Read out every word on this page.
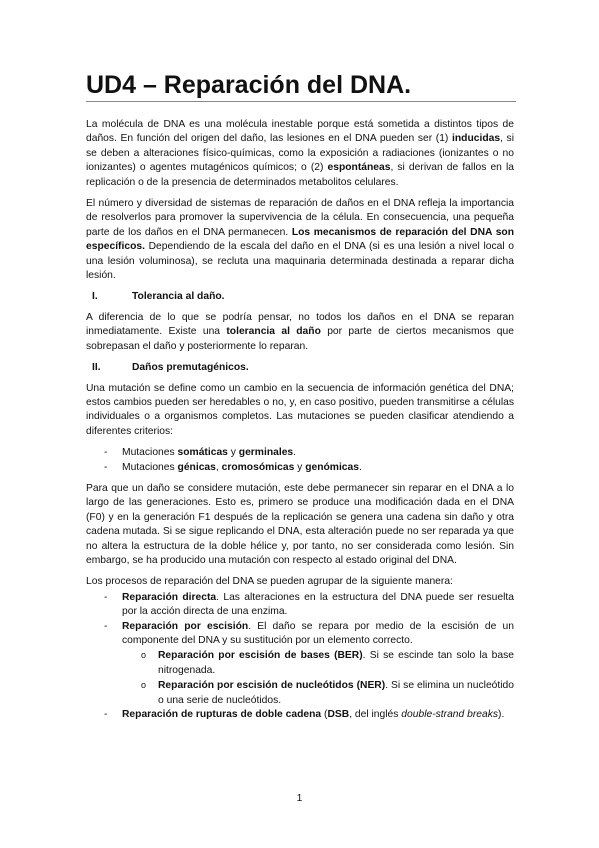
UD4 – Reparación del DNA.

La molécula de DNA es una molécula inestable porque está sometida a distintos tipos de daños. En función del origen del daño, las lesiones en el DNA pueden ser (1) inducidas, si se deben a alteraciones físico-químicas, como la exposición a radiaciones (ionizantes o no ionizantes) o agentes mutagénicos químicos; o (2) espontáneas, si derivan de fallos en la replicación o de la presencia de determinados metabolitos celulares.

El número y diversidad de sistemas de reparación de daños en el DNA refleja la importancia de resolverlos para promover la supervivencia de la célula. En consecuencia, una pequeña parte de los daños en el DNA permanecen. Los mecanismos de reparación del DNA son específicos. Dependiendo de la escala del daño en el DNA (si es una lesión a nivel local o una lesión voluminosa), se recluta una maquinaria determinada destinada a reparar dicha lesión.

I.	Tolerancia al daño.

A diferencia de lo que se podría pensar, no todos los daños en el DNA se reparan inmediatamente. Existe una tolerancia al daño por parte de ciertos mecanismos que sobrepasan el daño y posteriormente lo reparan.

II.	Daños premutagénicos.

Una mutación se define como un cambio en la secuencia de información genética del DNA; estos cambios pueden ser heredables o no, y, en caso positivo, pueden transmitirse a células individuales o a organismos completos. Las mutaciones se pueden clasificar atendiendo a diferentes criterios:

- Mutaciones somáticas y germinales.
- Mutaciones génicas, cromosómicas y genómicas.

Para que un daño se considere mutación, este debe permanecer sin reparar en el DNA a lo largo de las generaciones. Esto es, primero se produce una modificación dada en el DNA (F0) y en la generación F1 después de la replicación se genera una cadena sin daño y otra cadena mutada. Si se sigue replicando el DNA, esta alteración puede no ser reparada ya que no altera la estructura de la doble hélice y, por tanto, no ser considerada como lesión. Sin embargo, se ha producido una mutación con respecto al estado original del DNA.

Los procesos de reparación del DNA se pueden agrupar de la siguiente manera:

- Reparación directa. Las alteraciones en la estructura del DNA puede ser resuelta por la acción directa de una enzima.
- Reparación por escisión. El daño se repara por medio de la escisión de un componente del DNA y su sustitución por un elemento correcto.
o Reparación por escisión de bases (BER). Si se escinde tan solo la base nitrogenada.
o Reparación por escisión de nucleótidos (NER). Si se elimina un nucleótido o una serie de nucleótidos.
- Reparación de rupturas de doble cadena (DSB, del inglés double-strand breaks).
1
